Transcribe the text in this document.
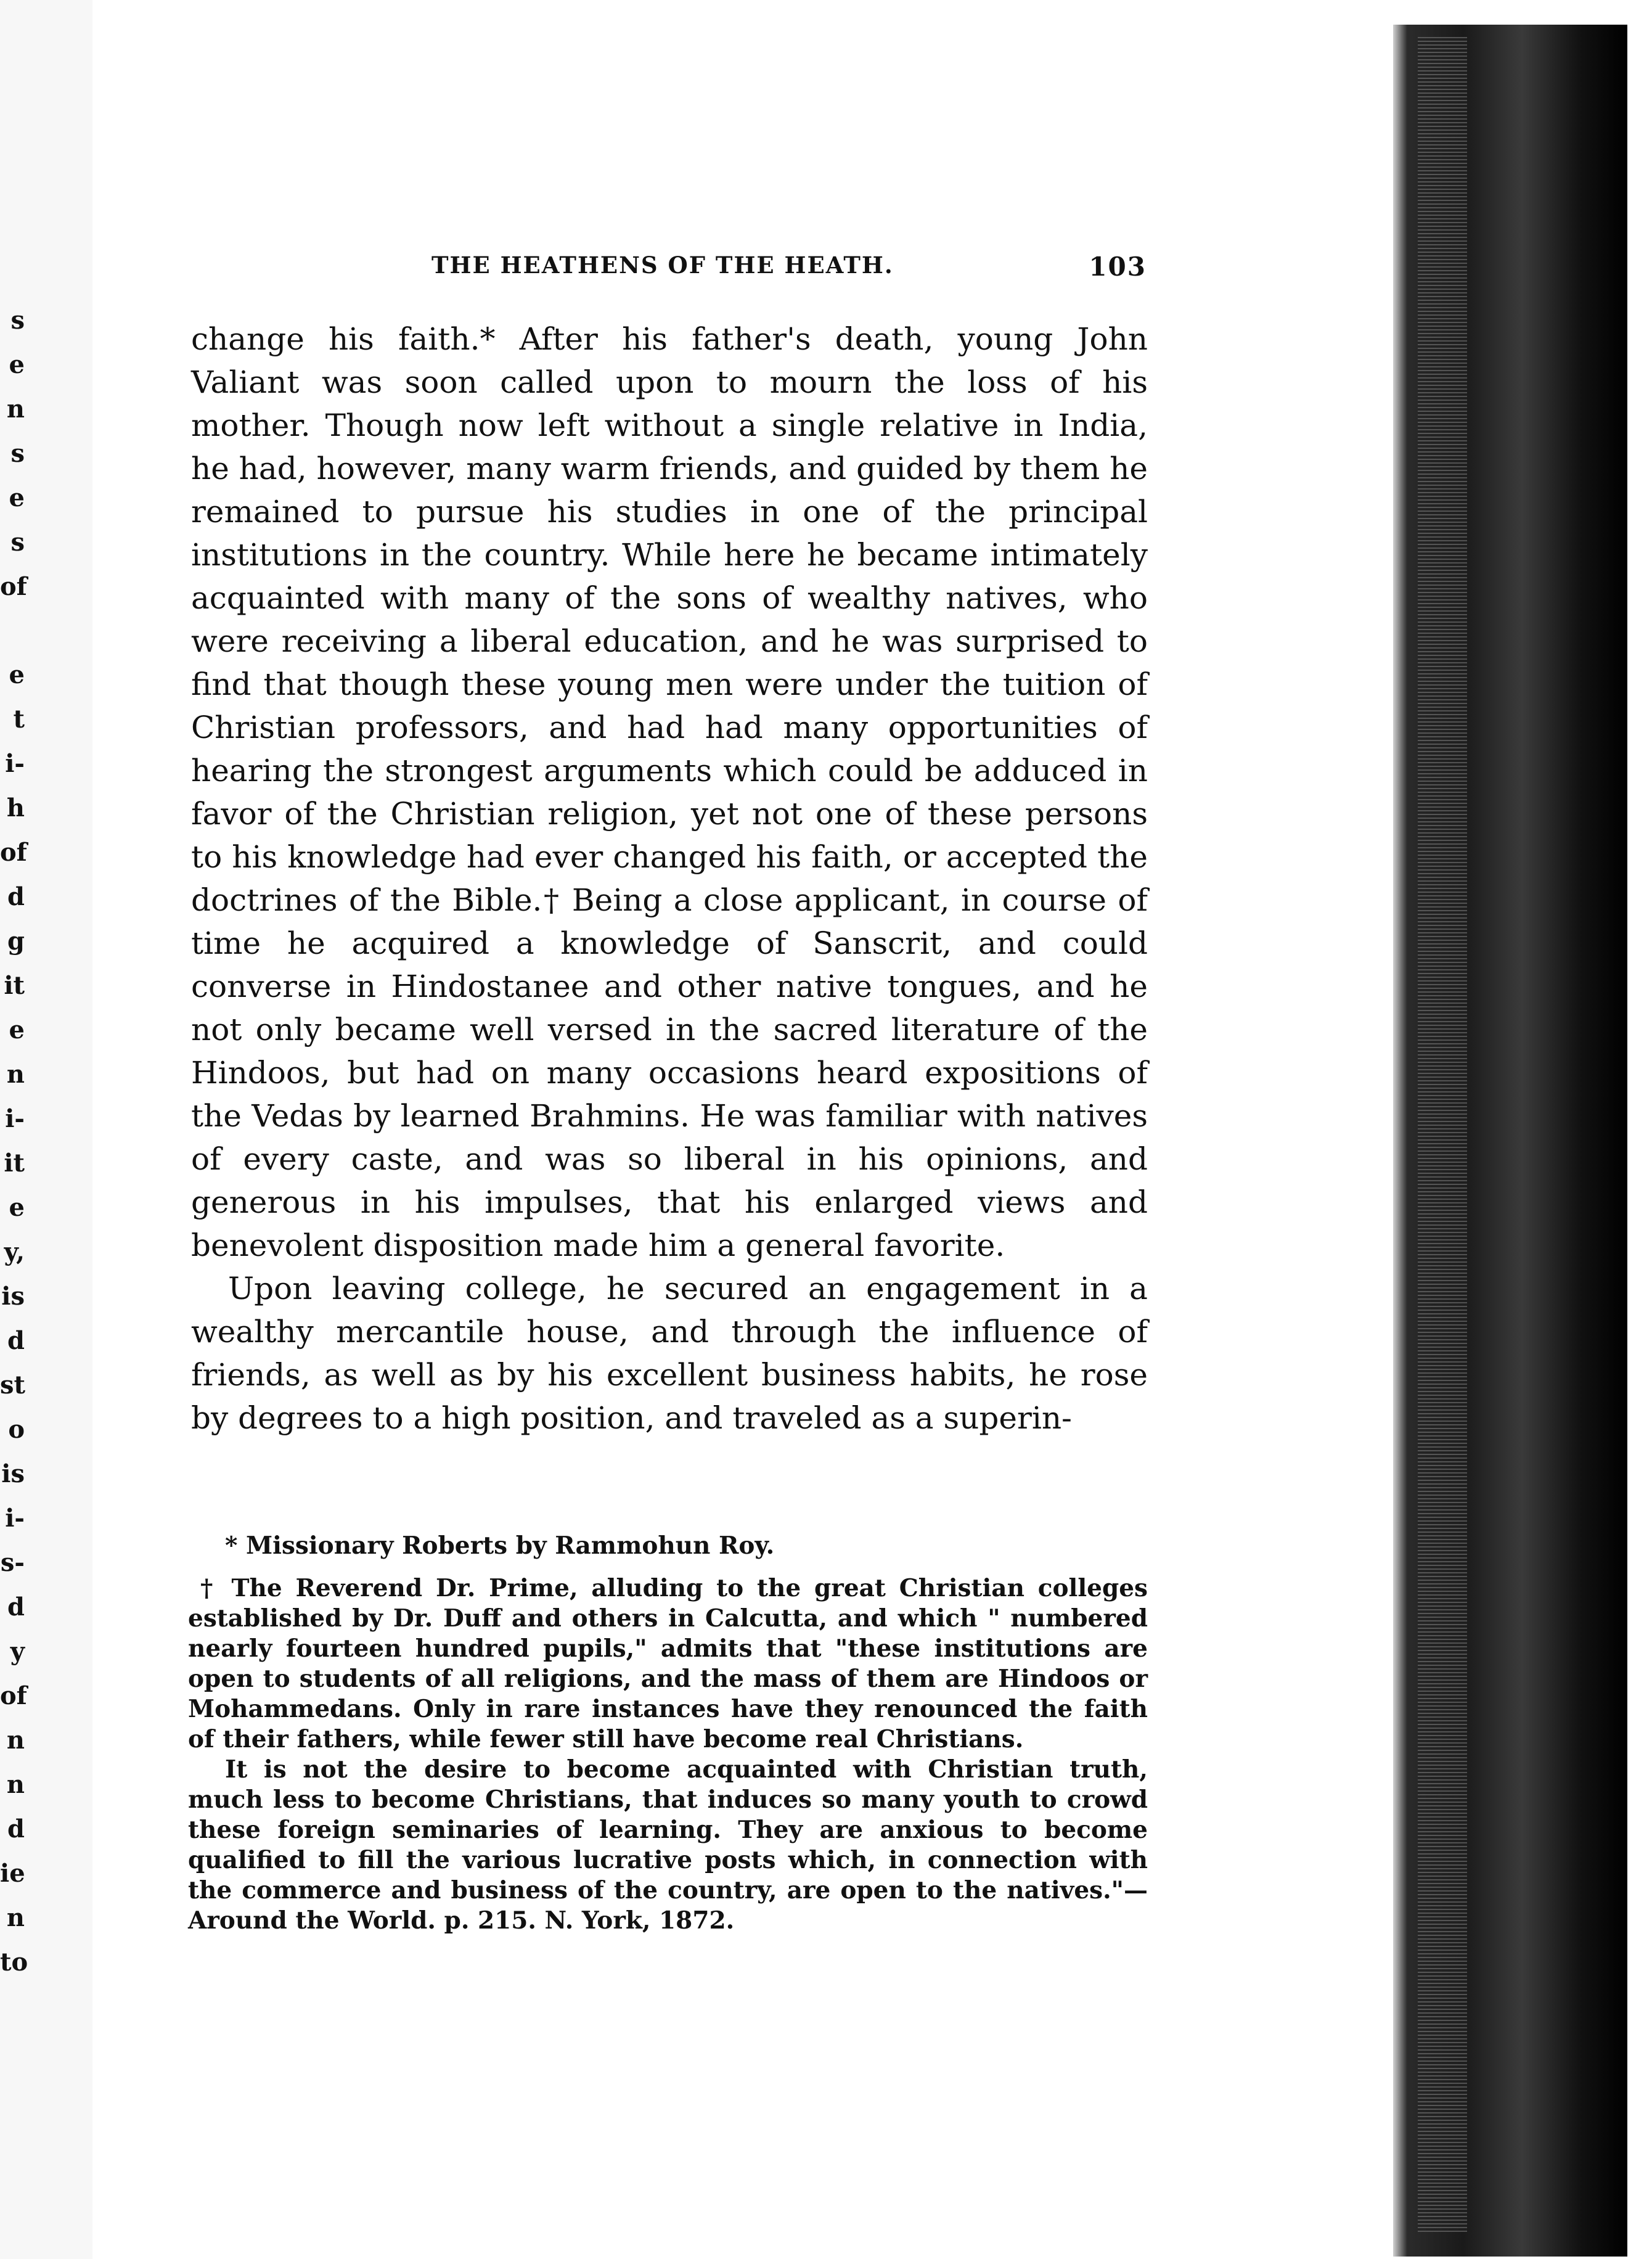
s
e
n
s
e
s
of
e
t
i-
h
of
d
g
it
e
n
i-
it
e
y,
is
d
st
o
is
i-
s-
d
y
of
n
n
d
ie
n
to
THE HEATHENS OF THE HEATH.	103

change his faith.* After his father's death, young John Valiant was soon called upon to mourn the loss of his mother. Though now left without a single relative in India, he had, however, many warm friends, and guided by them he remained to pursue his studies in one of the principal institutions in the country. While here he became intimately acquainted with many of the sons of wealthy natives, who were receiving a liberal education, and he was surprised to find that though these young men were under the tuition of Christian professors, and had had many opportunities of hearing the strongest arguments which could be adduced in favor of the Christian religion, yet not one of these persons to his knowledge had ever changed his faith, or accepted the doctrines of the Bible.† Being a close applicant, in course of time he acquired a knowledge of Sanscrit, and could converse in Hindostanee and other native tongues, and he not only became well versed in the sacred literature of the Hindoos, but had on many occasions heard expositions of the Vedas by learned Brahmins. He was familiar with natives of every caste, and was so liberal in his opinions, and generous in his impulses, that his enlarged views and benevolent disposition made him a general favorite.

Upon leaving college, he secured an engagement in a wealthy mercantile house, and through the influence of friends, as well as by his excellent business habits, he rose by degrees to a high position, and traveled as a superin-

* Missionary Roberts by Rammohun Roy.

† The Reverend Dr. Prime, alluding to the great Christian colleges established by Dr. Duff and others in Calcutta, and which " numbered nearly fourteen hundred pupils," admits that "these institutions are open to students of all religions, and the mass of them are Hindoos or Mohammedans. Only in rare instances have they renounced the faith of their fathers, while fewer still have become real Christians.

It is not the desire to become acquainted with Christian truth, much less to become Christians, that induces so many youth to crowd these foreign seminaries of learning. They are anxious to become qualified to fill the various lucrative posts which, in connection with the commerce and business of the country, are open to the natives."—Around the World. p. 215. N. York, 1872.
